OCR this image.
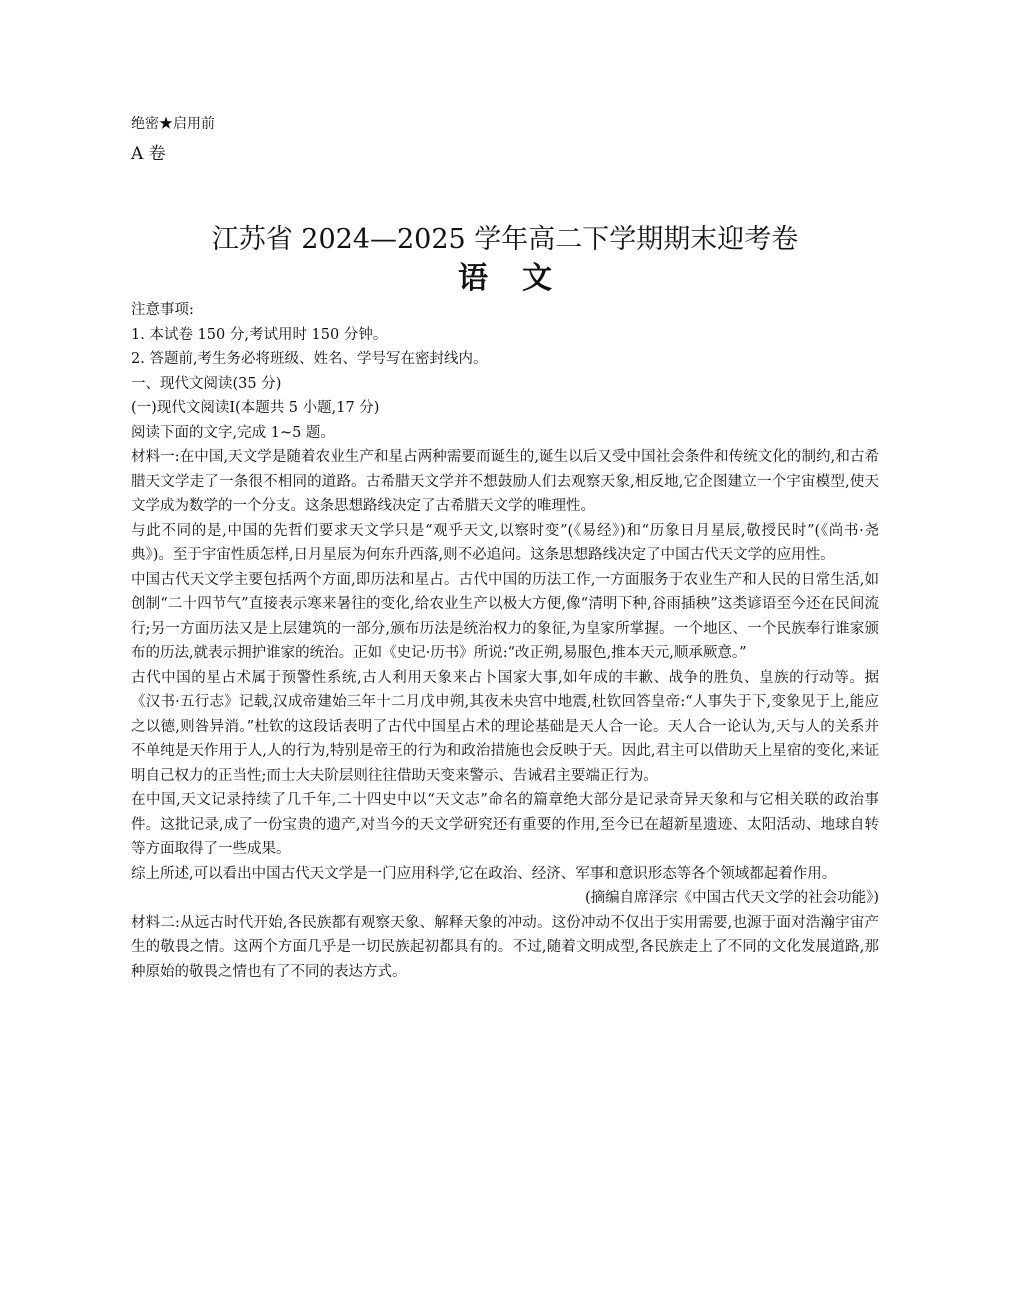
绝密★启用前
A 卷
江苏省 2024—2025 学年高二下学期期末迎考卷
语文

注意事项:

1. 本试卷 150 分,考试用时 150 分钟。

2. 答题前,考生务必将班级、姓名、学号写在密封线内。

一、现代文阅读(35 分)

(一)现代文阅读Ⅰ(本题共 5 小题,17 分)

阅读下面的文字,完成 1~5 题。

材料一:在中国,天文学是随着农业生产和星占两种需要而诞生的,诞生以后又受中国社会条件和传统文化的制约,和古希腊天文学走了一条很不相同的道路。古希腊天文学并不想鼓励人们去观察天象,相反地,它企图建立一个宇宙模型,使天文学成为数学的一个分支。这条思想路线决定了古希腊天文学的唯理性。

与此不同的是,中国的先哲们要求天文学只是“观乎天文,以察时变”(《易经》)和“历象日月星辰,敬授民时”(《尚书·尧典》)。至于宇宙性质怎样,日月星辰为何东升西落,则不必追问。这条思想路线决定了中国古代天文学的应用性。

中国古代天文学主要包括两个方面,即历法和星占。古代中国的历法工作,一方面服务于农业生产和人民的日常生活,如创制“二十四节气”直接表示寒来暑往的变化,给农业生产以极大方便,像“清明下种,谷雨插秧”这类谚语至今还在民间流行;另一方面历法又是上层建筑的一部分,颁布历法是统治权力的象征,为皇家所掌握。一个地区、一个民族奉行谁家颁布的历法,就表示拥护谁家的统治。正如《史记·历书》所说:“改正朔,易服色,推本天元,顺承厥意。”

古代中国的星占术属于预警性系统,古人利用天象来占卜国家大事,如年成的丰歉、战争的胜负、皇族的行动等。据《汉书·五行志》记载,汉成帝建始三年十二月戊申朔,其夜未央宫中地震,杜钦回答皇帝:“人事失于下,变象见于上,能应之以德,则咎异消。”杜钦的这段话表明了古代中国星占术的理论基础是天人合一论。天人合一论认为,天与人的关系并不单纯是天作用于人,人的行为,特别是帝王的行为和政治措施也会反映于天。因此,君主可以借助天上星宿的变化,来证明自己权力的正当性;而士大夫阶层则往往借助天变来警示、告诫君主要端正行为。

在中国,天文记录持续了几千年,二十四史中以“天文志”命名的篇章绝大部分是记录奇异天象和与它相关联的政治事件。这批记录,成了一份宝贵的遗产,对当今的天文学研究还有重要的作用,至今已在超新星遗迹、太阳活动、地球自转等方面取得了一些成果。

综上所述,可以看出中国古代天文学是一门应用科学,它在政治、经济、军事和意识形态等各个领域都起着作用。

(摘编自席泽宗《中国古代天文学的社会功能》)

材料二:从远古时代开始,各民族都有观察天象、解释天象的冲动。这份冲动不仅出于实用需要,也源于面对浩瀚宇宙产生的敬畏之情。这两个方面几乎是一切民族起初都具有的。不过,随着文明成型,各民族走上了不同的文化发展道路,那种原始的敬畏之情也有了不同的表达方式。
